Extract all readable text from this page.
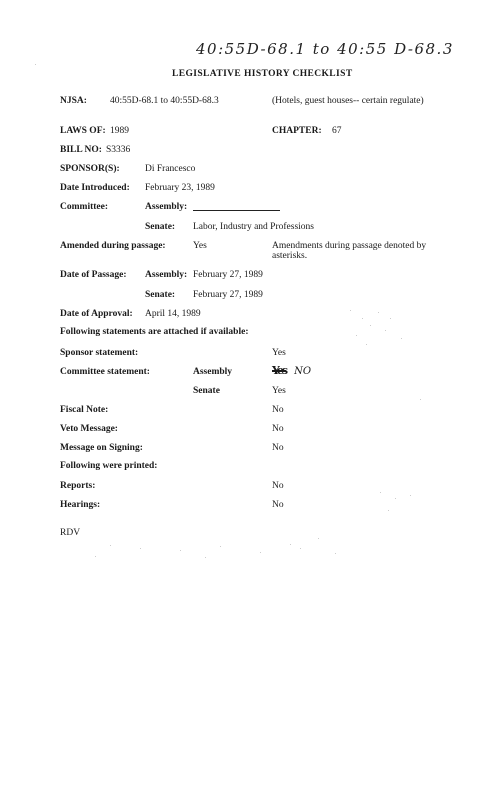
40:55D-68.1 to 40:55 D-68.3
LEGISLATIVE HISTORY CHECKLIST
NJSA: 40:55D-68.1 to 40:55D-68.3	(Hotels, guest houses-- certain regulate)
LAWS OF: 1989	CHAPTER: 67
BILL NO: S3336
SPONSOR(S):	Di Francesco
Date Introduced: February 23, 1989
Committee:	Assembly:
Senate: Labor, Industry and Professions
Amended during passage:	Yes	Amendments during passage denoted by asterisks.
Date of Passage: Assembly: February 27, 1989
Senate: February 27, 1989
Date of Approval: April 14, 1989
Following statements are attached if available:
Sponsor statement:	Yes
Committee statement:	Assembly	Yes NO
Senate	Yes
Fiscal Note:	No
Veto Message:	No
Message on Signing:	No
Following were printed:
Reports:	No
Hearings:	No
RDV
